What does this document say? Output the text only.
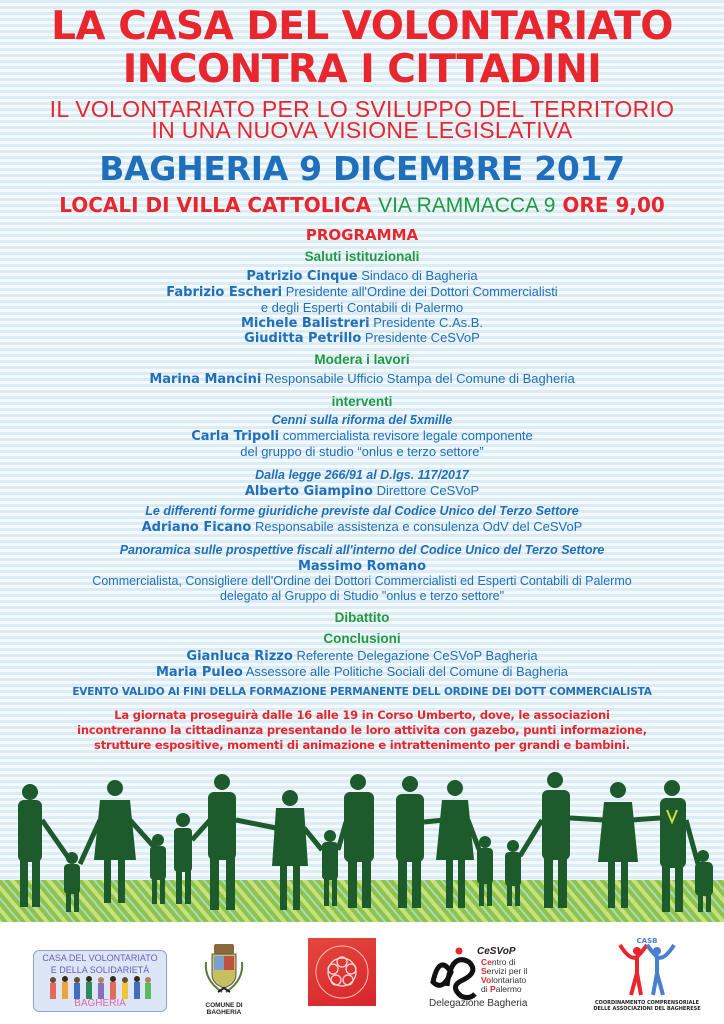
LA CASA DEL VOLONTARIATO
INCONTRA I CITTADINI
IL VOLONTARIATO PER LO SVILUPPO DEL TERRITORIO
IN UNA NUOVA VISIONE LEGISLATIVA
BAGHERIA 9 DICEMBRE 2017
LOCALI DI VILLA CATTOLICA VIA RAMMACCA 9 ORE 9,00
PROGRAMMA
Saluti istituzionali
Patrizio Cinque Sindaco di Bagheria
Fabrizio Escheri Presidente all'Ordine dei Dottori Commercialisti
e degli Esperti Contabili di Palermo
Michele Balistreri Presidente C.As.B.
Giuditta Petrillo Presidente CeSVoP
Modera i lavori
Marina Mancini Responsabile Ufficio Stampa del Comune di Bagheria
interventi
Cenni sulla riforma del 5xmille
Carla Tripoli commercialista revisore legale componente
del gruppo di studio “onlus e terzo settore”
Dalla legge 266/91 al D.lgs. 117/2017
Alberto Giampino Direttore CeSVoP
Le differenti forme giuridiche previste dal Codice Unico del Terzo Settore
Adriano Ficano Responsabile assistenza e consulenza OdV del CeSVoP
Panoramica sulle prospettive fiscali all'interno del Codice Unico del Terzo Settore
Massimo Romano
Commercialista, Consigliere dell'Ordine dei Dottori Commercialisti ed Esperti Contabili di Palermo
delegato al Gruppo di Studio "onlus e terzo settore"
Dibattito
Conclusioni
Gianluca Rizzo Referente Delegazione CeSVoP Bagheria
Maria Puleo Assessore alle Politiche Sociali del Comune di Bagheria
EVENTO VALIDO AI FINI DELLA FORMAZIONE PERMANENTE DELL ORDINE DEI DOTT COMMERCIALISTA
La giornata proseguirà dalle 16 alle 19 in Corso Umberto, dove, le associazioni
incontreranno la cittadinanza presentando le loro attivita con gazebo, punti informazione,
strutture espositive, momenti di animazione e intrattenimento per grandi e bambini.
CASA DEL VOLONTARIATO
E DELLA SOLIDARIETÀ
BAGHERIA	COMUNE DI
BAGHERIA
CeSVoP
Centro di
Servizi per il
Volontariato
di Palermo
Delegazione Bagheria
CASB
COORDINAMENTO COMPRENSORIALE
DELLE ASSOCIAZIONI DEL BAGHERESE
